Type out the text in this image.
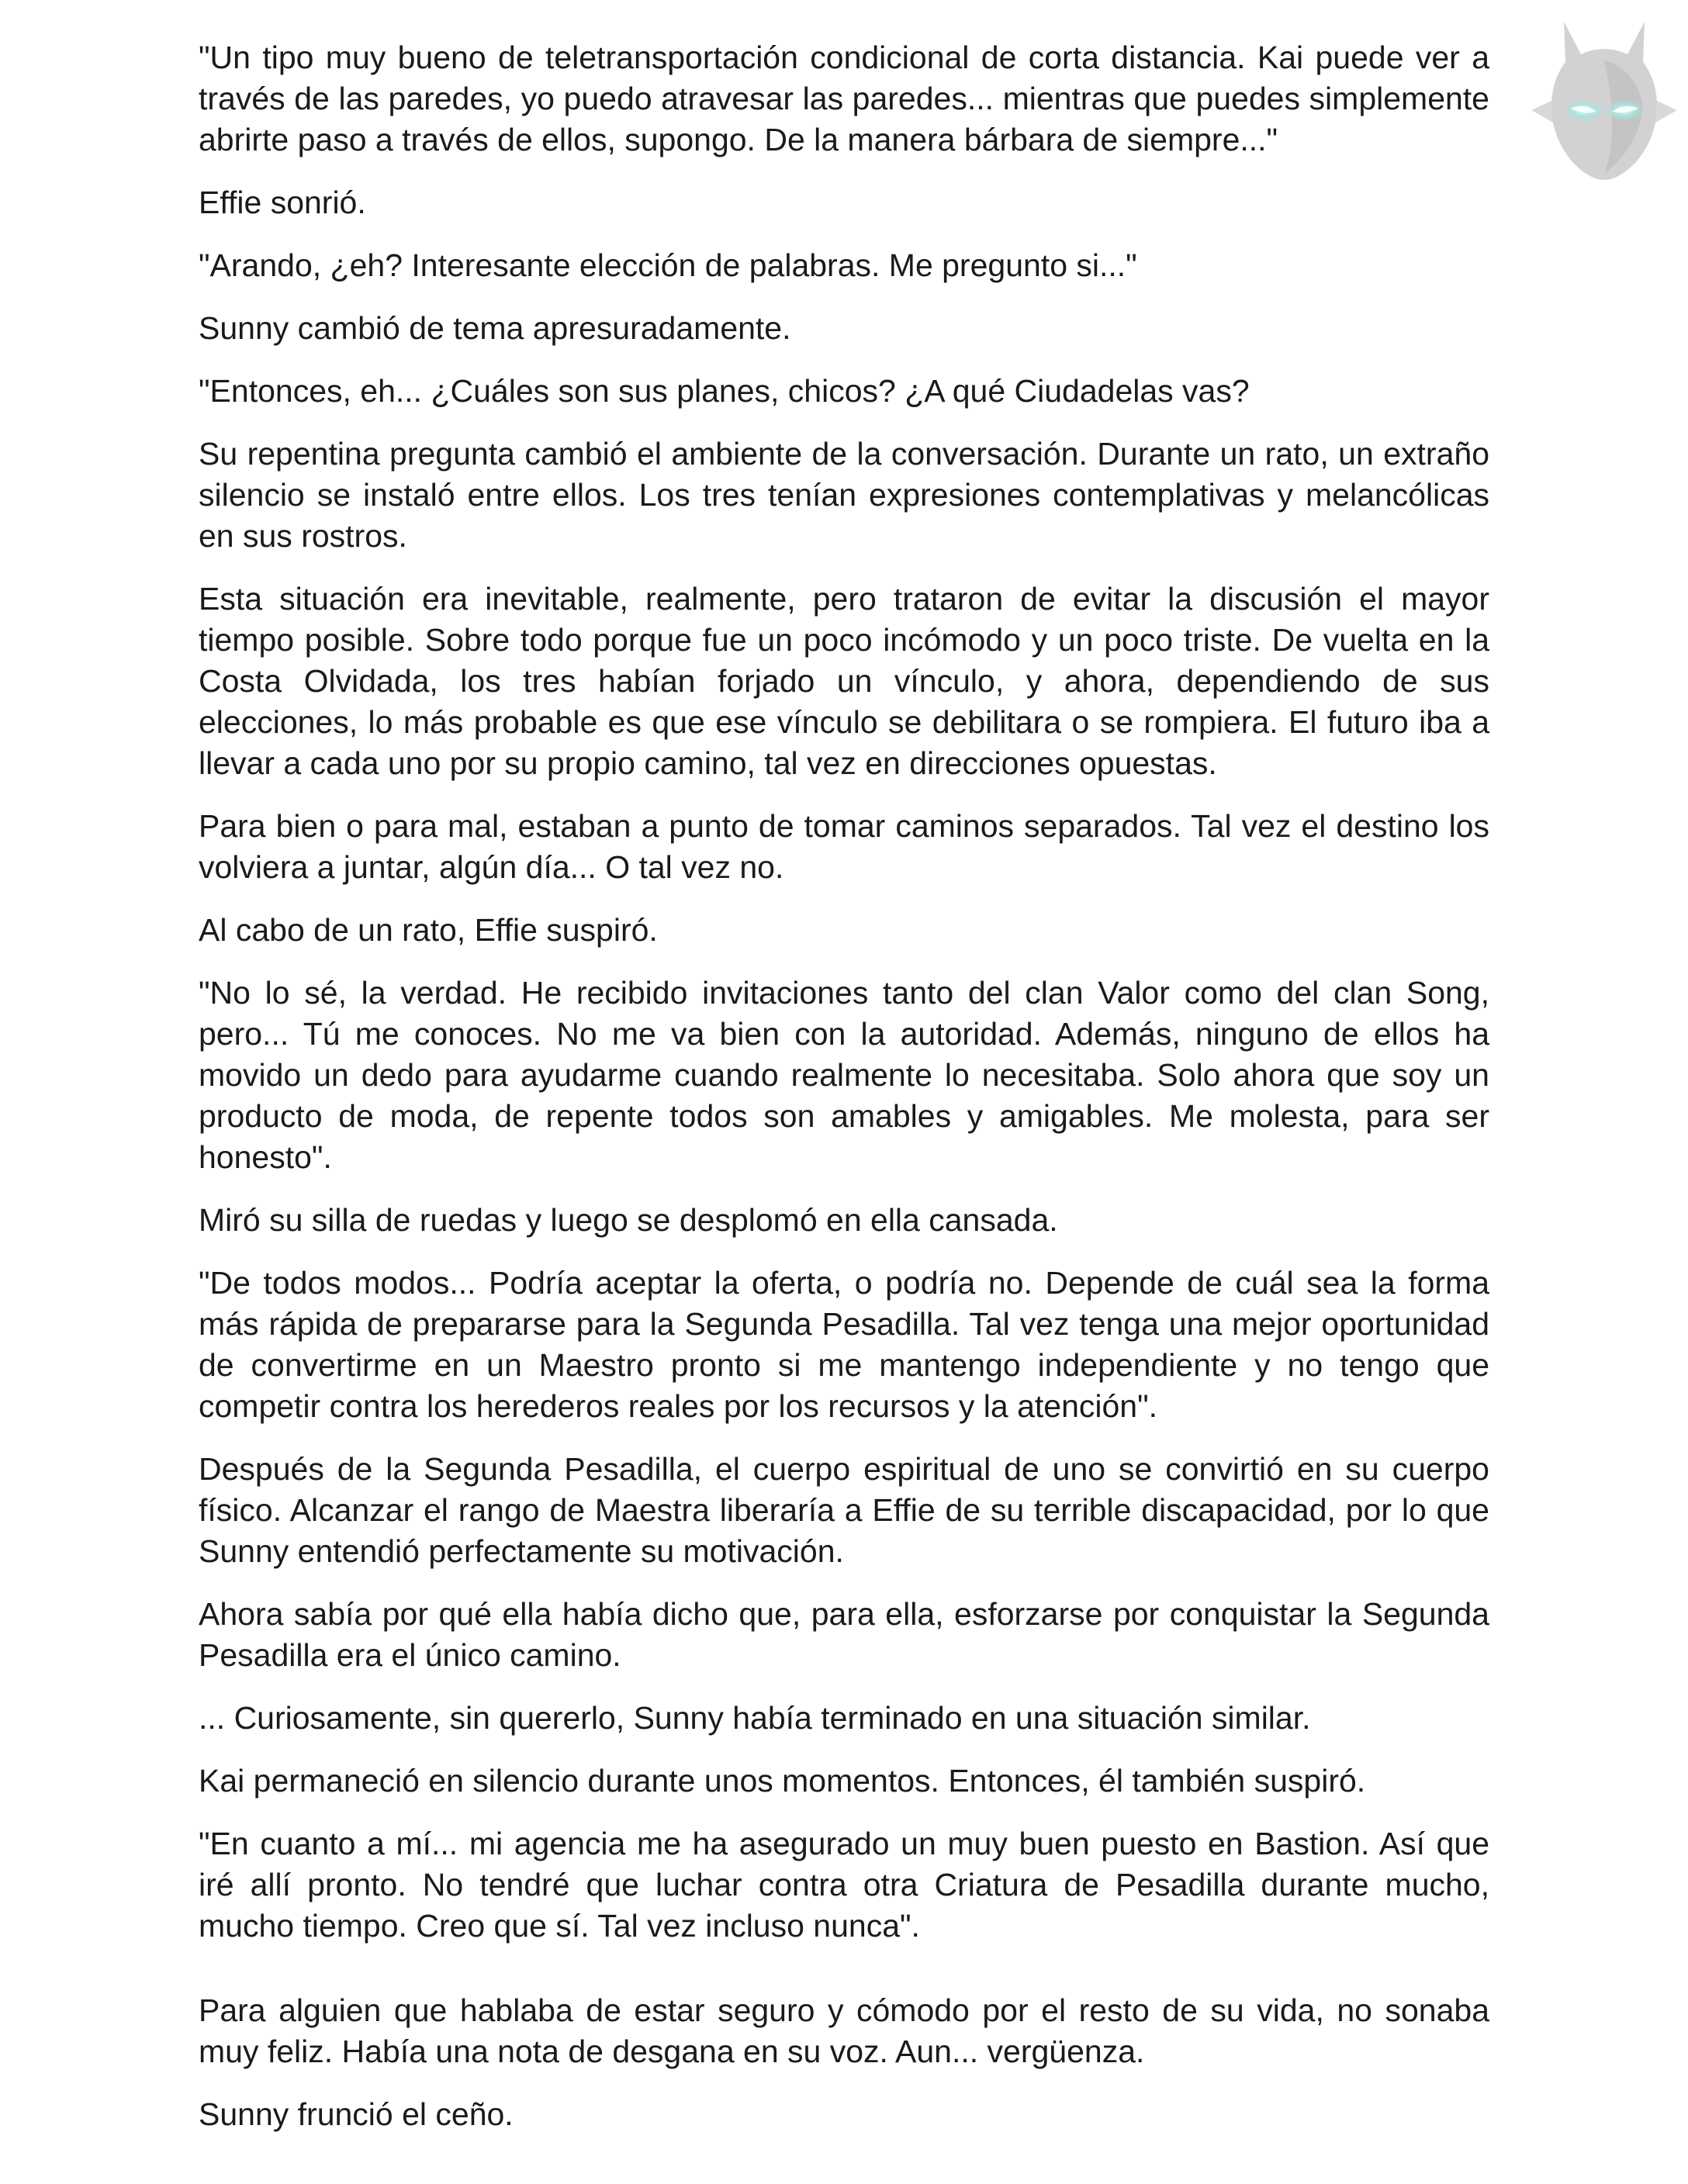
"Un tipo muy bueno de teletransportación condicional de corta distancia. Kai puede ver a través de las paredes, yo puedo atravesar las paredes... mientras que puedes simplemente abrirte paso a través de ellos, supongo. De la manera bárbara de siempre..."

Effie sonrió.

"Arando, ¿eh? Interesante elección de palabras. Me pregunto si..."

Sunny cambió de tema apresuradamente.

"Entonces, eh... ¿Cuáles son sus planes, chicos? ¿A qué Ciudadelas vas?

Su repentina pregunta cambió el ambiente de la conversación. Durante un rato, un extraño silencio se instaló entre ellos. Los tres tenían expresiones contemplativas y melancólicas en sus rostros.

Esta situación era inevitable, realmente, pero trataron de evitar la discusión el mayor tiempo posible. Sobre todo porque fue un poco incómodo y un poco triste. De vuelta en la Costa Olvidada, los tres habían forjado un vínculo, y ahora, dependiendo de sus elecciones, lo más probable es que ese vínculo se debilitara o se rompiera. El futuro iba a llevar a cada uno por su propio camino, tal vez en direcciones opuestas.

Para bien o para mal, estaban a punto de tomar caminos separados. Tal vez el destino los volviera a juntar, algún día... O tal vez no.

Al cabo de un rato, Effie suspiró.

"No lo sé, la verdad. He recibido invitaciones tanto del clan Valor como del clan Song, pero... Tú me conoces. No me va bien con la autoridad. Además, ninguno de ellos ha movido un dedo para ayudarme cuando realmente lo necesitaba. Solo ahora que soy un producto de moda, de repente todos son amables y amigables. Me molesta, para ser honesto".

Miró su silla de ruedas y luego se desplomó en ella cansada.

"De todos modos... Podría aceptar la oferta, o podría no. Depende de cuál sea la forma más rápida de prepararse para la Segunda Pesadilla. Tal vez tenga una mejor oportunidad de convertirme en un Maestro pronto si me mantengo independiente y no tengo que competir contra los herederos reales por los recursos y la atención".

Después de la Segunda Pesadilla, el cuerpo espiritual de uno se convirtió en su cuerpo físico. Alcanzar el rango de Maestra liberaría a Effie de su terrible discapacidad, por lo que Sunny entendió perfectamente su motivación.

Ahora sabía por qué ella había dicho que, para ella, esforzarse por conquistar la Segunda Pesadilla era el único camino.

... Curiosamente, sin quererlo, Sunny había terminado en una situación similar.

Kai permaneció en silencio durante unos momentos. Entonces, él también suspiró.

"En cuanto a mí... mi agencia me ha asegurado un muy buen puesto en Bastion. Así que iré allí pronto. No tendré que luchar contra otra Criatura de Pesadilla durante mucho, mucho tiempo. Creo que sí. Tal vez incluso nunca".

Para alguien que hablaba de estar seguro y cómodo por el resto de su vida, no sonaba muy feliz. Había una nota de desgana en su voz. Aun... vergüenza.

Sunny frunció el ceño.
